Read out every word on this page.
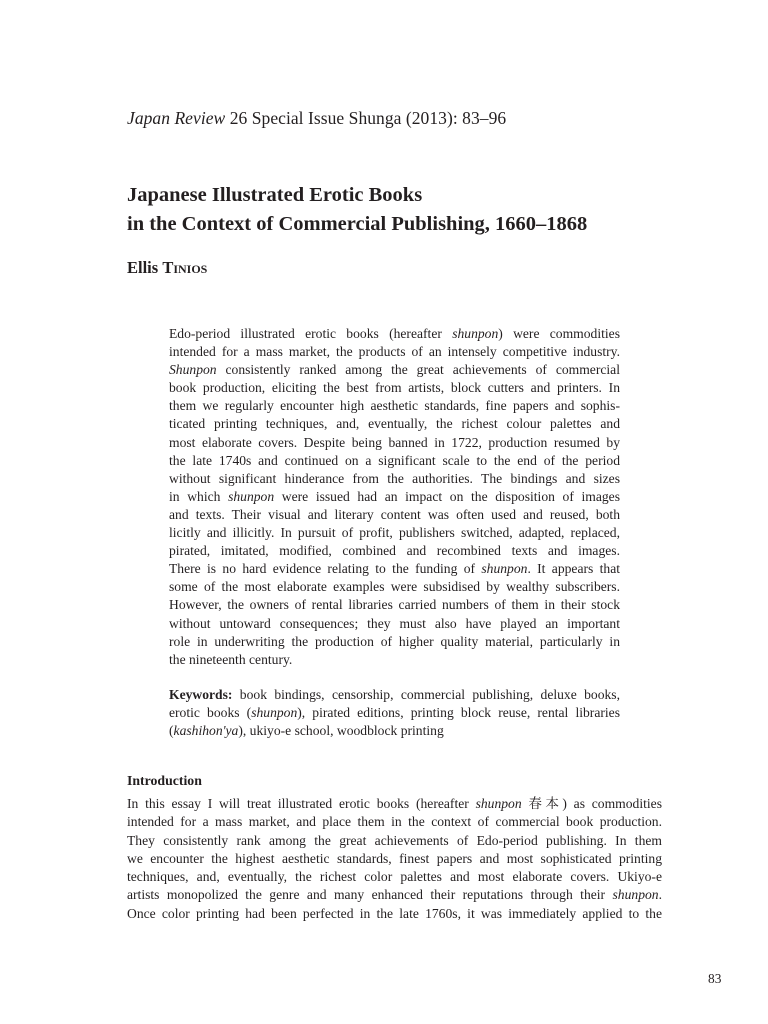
Japan Review 26 Special Issue Shunga (2013): 83–96
Japanese Illustrated Erotic Books
in the Context of Commercial Publishing, 1660–1868
Ellis Tinios
Edo-period illustrated erotic books (hereafter shunpon) were commodities
intended for a mass market, the products of an intensely competitive industry.
Shunpon consistently ranked among the great achievements of commercial
book production, eliciting the best from artists, block cutters and printers. In
them we regularly encounter high aesthetic standards, fine papers and sophis-
ticated printing techniques, and, eventually, the richest colour palettes and
most elaborate covers. Despite being banned in 1722, production resumed by
the late 1740s and continued on a significant scale to the end of the period
without significant hinderance from the authorities. The bindings and sizes
in which shunpon were issued had an impact on the disposition of images
and texts. Their visual and literary content was often used and reused, both
licitly and illicitly. In pursuit of profit, publishers switched, adapted, replaced,
pirated, imitated, modified, combined and recombined texts and images.
There is no hard evidence relating to the funding of shunpon. It appears that
some of the most elaborate examples were subsidised by wealthy subscribers.
However, the owners of rental libraries carried numbers of them in their stock
without untoward consequences; they must also have played an important
role in underwriting the production of higher quality material, particularly in
the nineteenth century.
Keywords: book bindings, censorship, commercial publishing, deluxe books,
erotic books (shunpon), pirated editions, printing block reuse, rental libraries
(kashihon'ya), ukiyo-e school, woodblock printing
Introduction
In this essay I will treat illustrated erotic books (hereafter shunpon 春本) as commodities
intended for a mass market, and place them in the context of commercial book production.
They consistently rank among the great achievements of Edo-period publishing. In them
we encounter the highest aesthetic standards, finest papers and most sophisticated printing
techniques, and, eventually, the richest color palettes and most elaborate covers. Ukiyo-e
artists monopolized the genre and many enhanced their reputations through their shunpon.
Once color printing had been perfected in the late 1760s, it was immediately applied to the
83
